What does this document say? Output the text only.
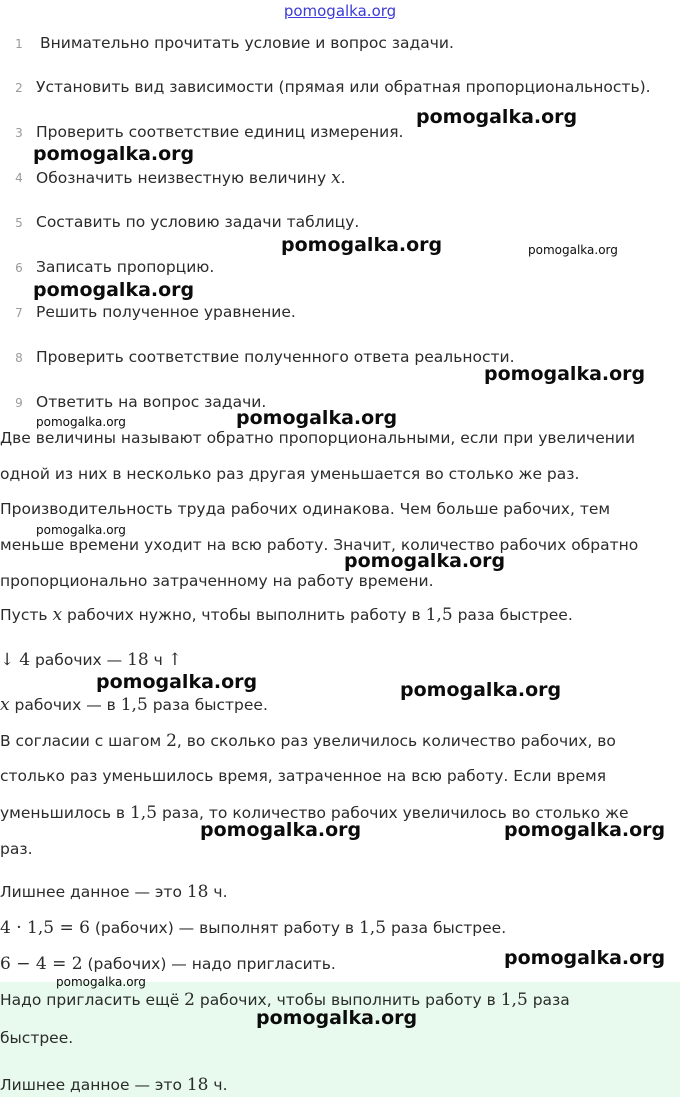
pomogalka.org
1 Внимательно прочитать условие и вопрос задачи.
2 Установить вид зависимости (прямая или обратная пропорциональность).
3 Проверить соответствие единиц измерения.
4 Обозначить неизвестную величину x.
5 Составить по условию задачи таблицу.
6 Записать пропорцию.
7 Решить полученное уравнение.
8 Проверить соответствие полученного ответа реальности.
9 Ответить на вопрос задачи.
Две величины называют обратно пропорциональными, если при увеличении
одной из них в несколько раз другая уменьшается во столько же раз.
Производительность труда рабочих одинакова. Чем больше рабочих, тем
меньше времени уходит на всю работу. Значит, количество рабочих обратно
пропорционально затраченному на работу времени.
Пусть x рабочих нужно, чтобы выполнить работу в 1,5 раза быстрее.
↓ 4 рабочих — 18 ч ↑
x рабочих — в 1,5 раза быстрее.
В согласии с шагом 2, во сколько раз увеличилось количество рабочих, во
столько раз уменьшилось время, затраченное на всю работу. Если время
уменьшилось в 1,5 раза, то количество рабочих увеличилось во столько же
раз.
Лишнее данное — это 18 ч.
4 · 1,5 = 6 (рабочих) — выполнят работу в 1,5 раза быстрее.
6 − 4 = 2 (рабочих) — надо пригласить.
Надо пригласить ещё 2 рабочих, чтобы выполнить работу в 1,5 раза
быстрее.
Лишнее данное — это 18 ч.
pomogalka.org
pomogalka.org
pomogalka.org	pomogalka.org
pomogalka.org
pomogalka.org
pomogalka.org	pomogalka.org
pomogalka.org
pomogalka.org
pomogalka.org	pomogalka.org
pomogalka.org	pomogalka.org
pomogalka.org
pomogalka.org
pomogalka.org
